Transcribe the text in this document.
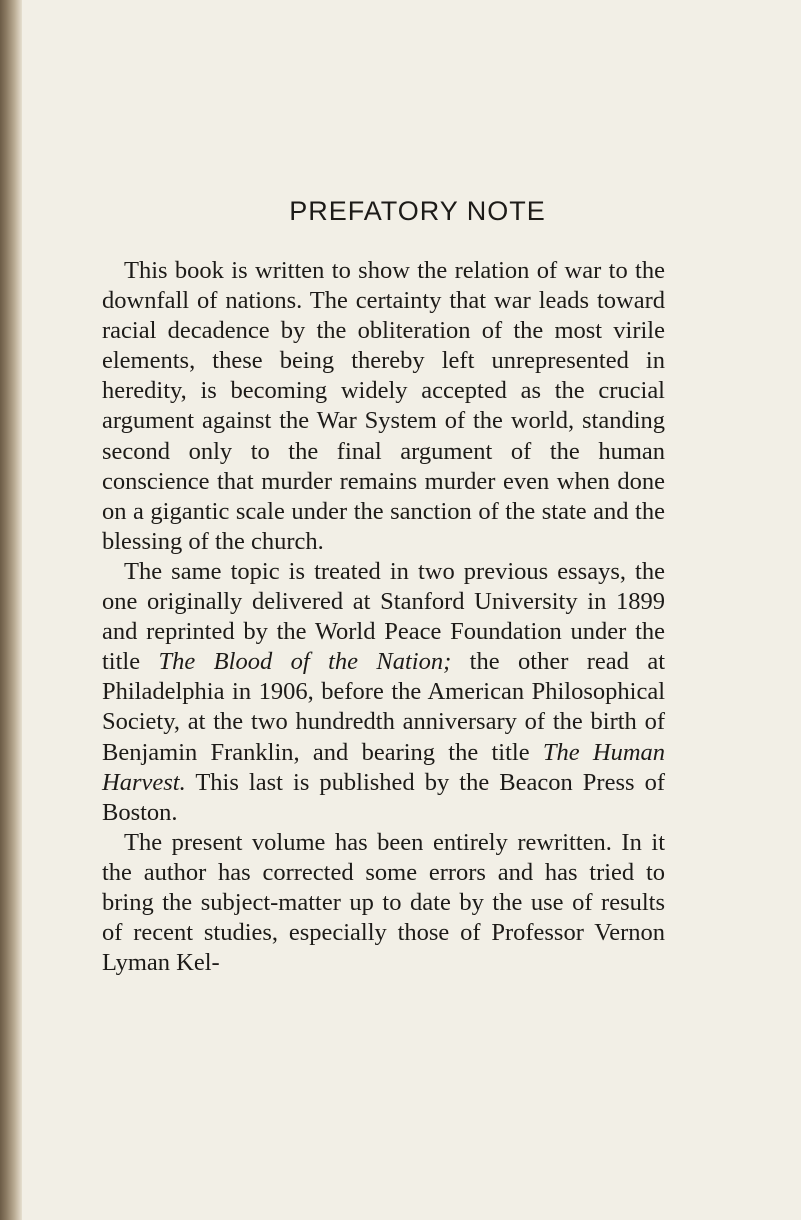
PREFATORY NOTE

This book is written to show the relation of war to the downfall of nations. The certainty that war leads toward racial decadence by the obliteration of the most virile elements, these being thereby left unrepresented in heredity, is becoming widely accepted as the crucial argument against the War System of the world, standing second only to the final argument of the human conscience that murder remains murder even when done on a gigantic scale under the sanction of the state and the blessing of the church.

The same topic is treated in two previous essays, the one originally delivered at Stanford University in 1899 and reprinted by the World Peace Foundation under the title The Blood of the Nation; the other read at Philadelphia in 1906, before the American Philosophical Society, at the two hundredth anniversary of the birth of Benjamin Franklin, and bearing the title The Human Harvest. This last is published by the Beacon Press of Boston.

The present volume has been entirely rewritten. In it the author has corrected some errors and has tried to bring the subject-matter up to date by the use of results of recent studies, especially those of Professor Vernon Lyman Kel-
